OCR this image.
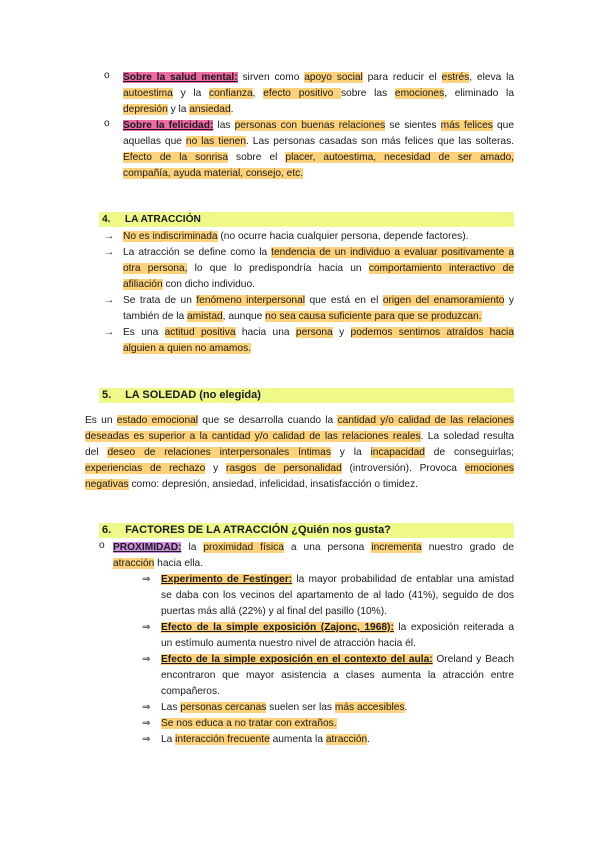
o	Sobre la salud mental: sirven como apoyo social para reducir el estrés, eleva la
autoestima y la confianza, efecto positivo sobre las emociones, eliminado la
depresión y la ansiedad.
o	Sobre la felicidad: las personas con buenas relaciones se sientes más felices que
aquellas que no las tienen. Las personas casadas son más felices que las solteras.
Efecto de la sonrisa sobre el placer, autoestima, necesidad de ser amado,
compañía, ayuda material, consejo, etc.
4. LA ATRACCIÓN
→ No es indiscriminada (no ocurre hacia cualquier persona, depende factores).
→ La atracción se define como la tendencia de un individuo a evaluar positivamente a
otra persona, lo que lo predispondría hacia un comportamiento interactivo de
afiliación con dicho individuo.
→ Se trata de un fenómeno interpersonal que está en el origen del enamoramiento y
también de la amistad, aunque no sea causa suficiente para que se produzcan.
→ Es una actitud positiva hacia una persona y podemos sentirnos atraídos hacia
alguien a quien no amamos.
5. LA SOLEDAD (no elegida)
Es un estado emocional que se desarrolla cuando la cantidad y/o calidad de las relaciones
deseadas es superior a la cantidad y/o calidad de las relaciones reales. La soledad resulta
del deseo de relaciones interpersonales íntimas y la incapacidad de conseguirlas;
experiencias de rechazo y rasgos de personalidad (introversión). Provoca emociones
negativas como: depresión, ansiedad, infelicidad, insatisfacción o timidez.
6. FACTORES DE LA ATRACCIÓN ¿Quién nos gusta?
o PROXIMIDAD: la proximidad física a una persona incrementa nuestro grado de
atracción hacia ella.
⇒	Experimento de Festinger: la mayor probabilidad de entablar una amistad
se daba con los vecinos del apartamento de al lado (41%), seguido de dos
puertas más allá (22%) y al final del pasillo (10%).
⇒	Efecto de la simple exposición (Zajonc, 1968): la exposición reiterada a
un estímulo aumenta nuestro nivel de atracción hacia él.
⇒	Efecto de la simple exposición en el contexto del aula: Oreland y Beach
encontraron que mayor asistencia a clases aumenta la atracción entre
compañeros.
⇒	Las personas cercanas suelen ser las más accesibles.
⇒	Se nos educa a no tratar con extraños.
⇒	La interacción frecuente aumenta la atracción.
